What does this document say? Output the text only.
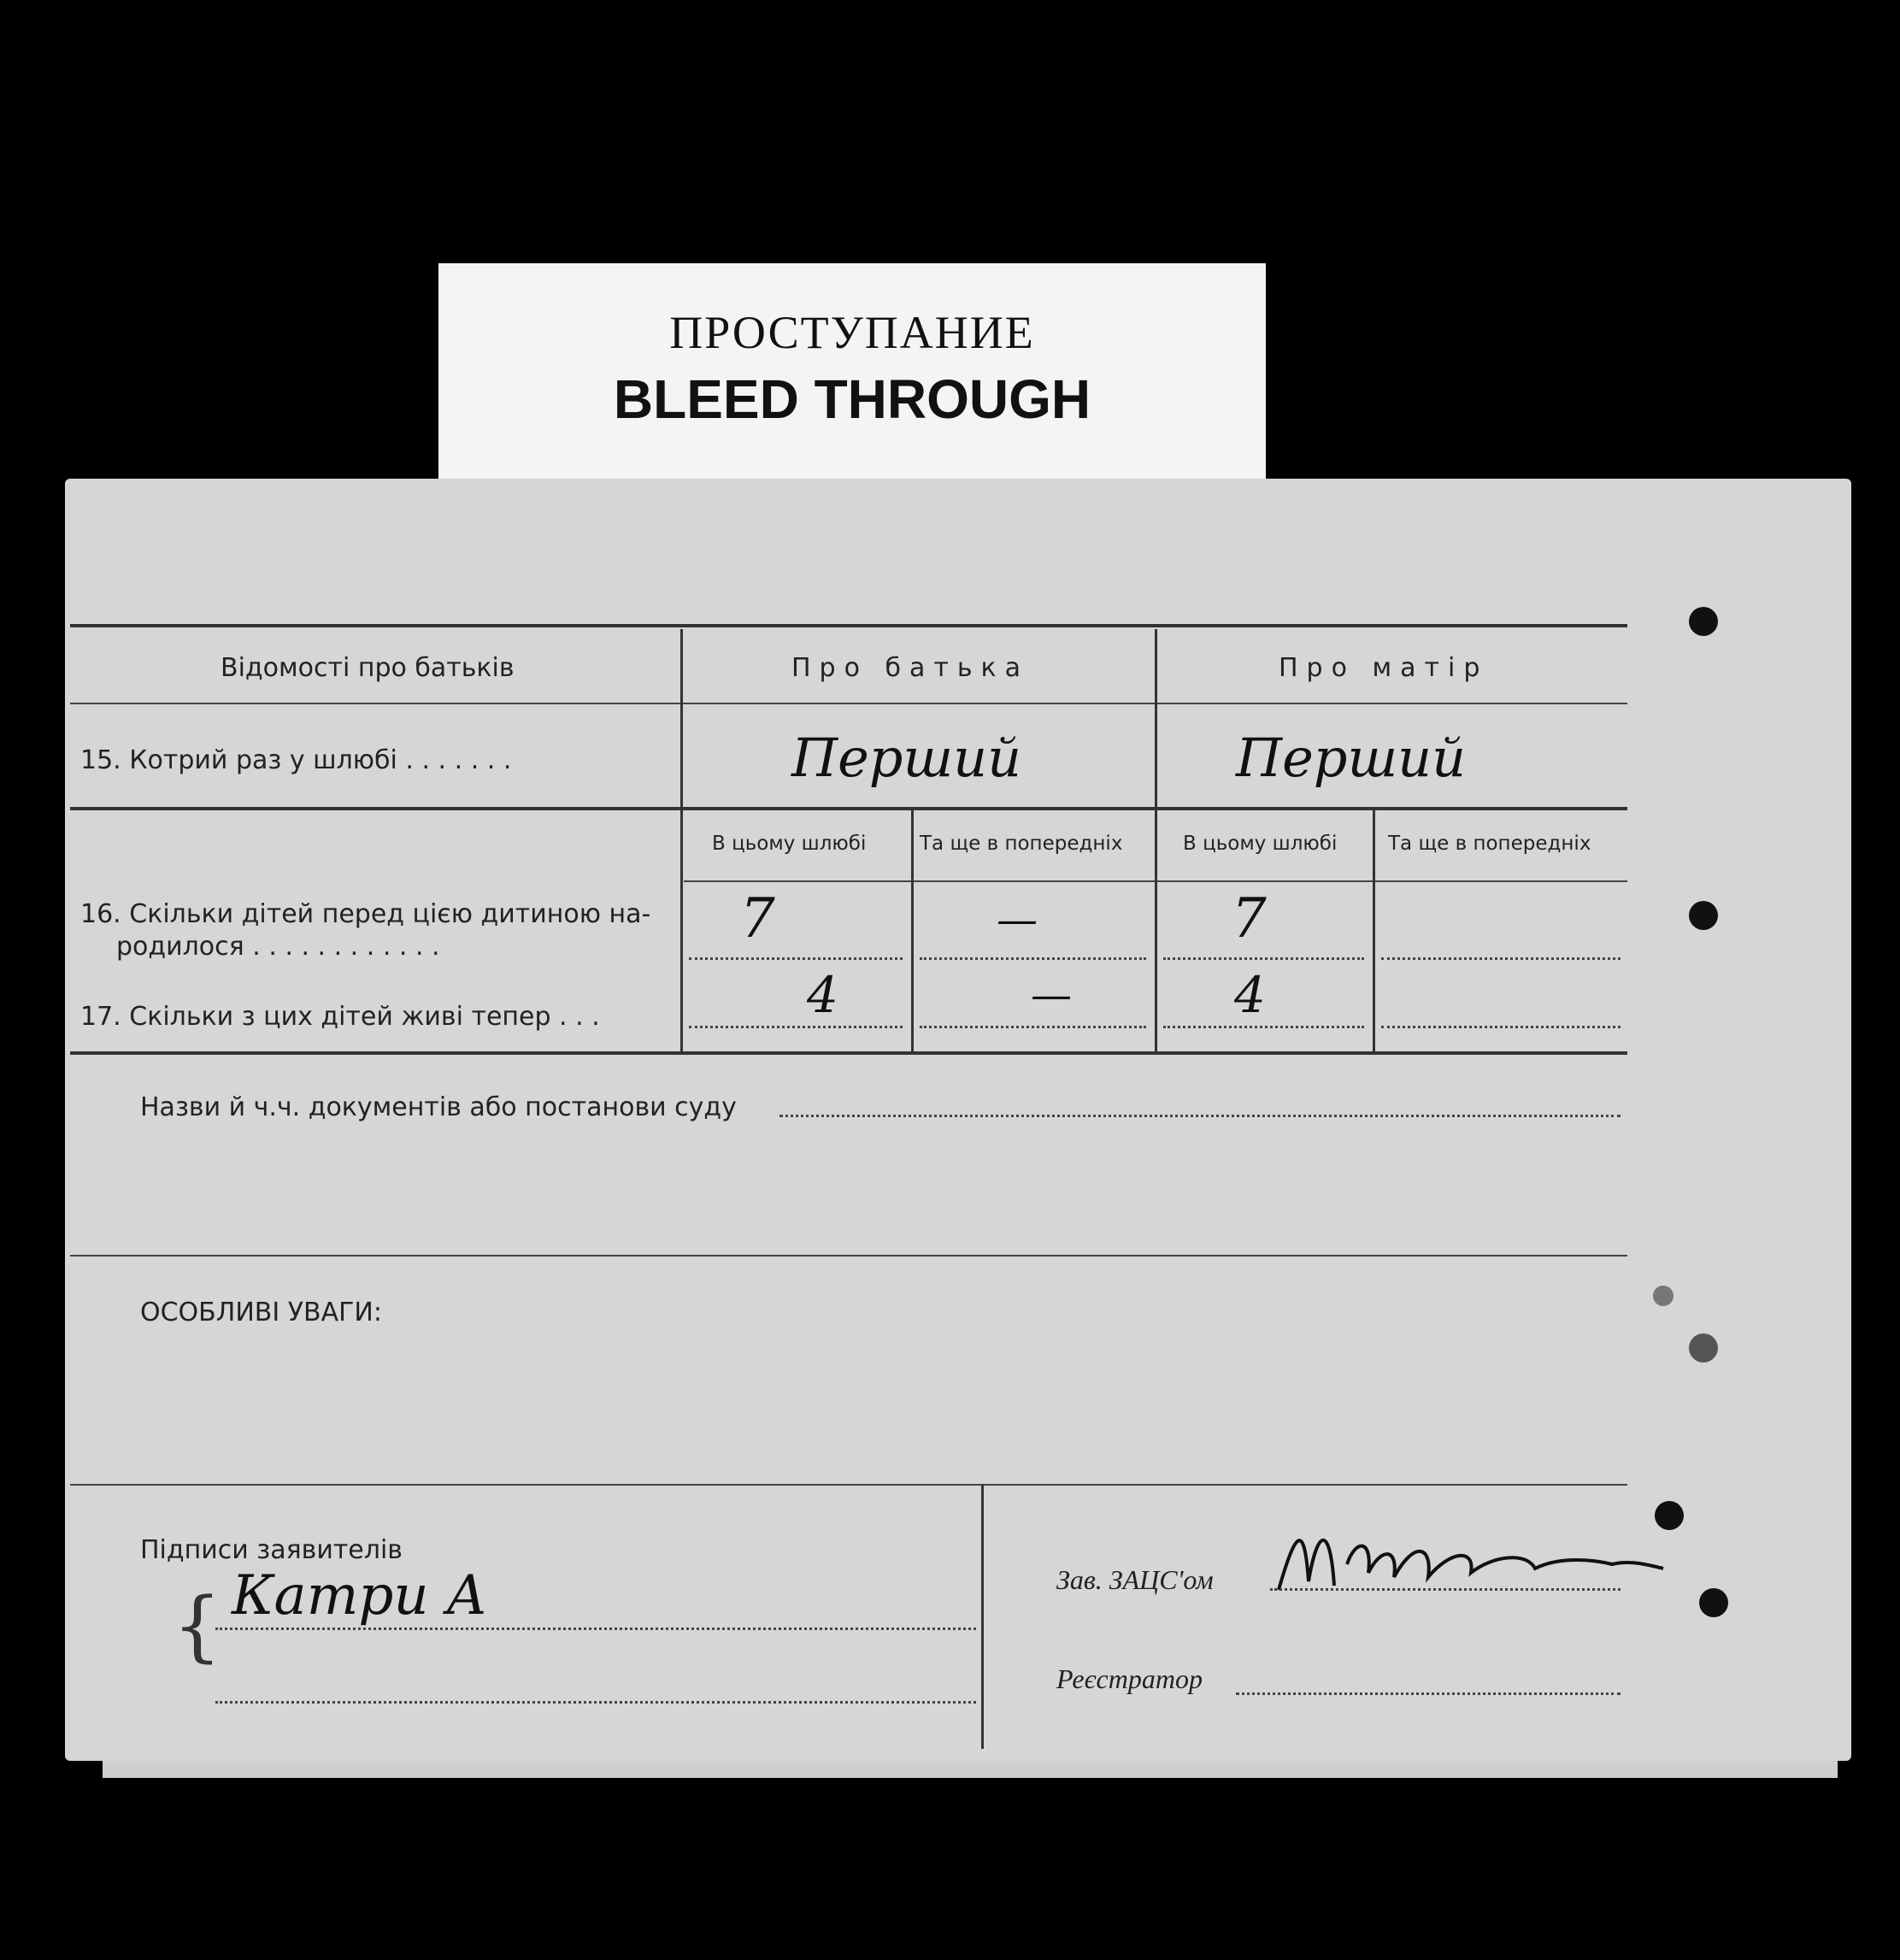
ПРОСТУПАНИЕ
BLEED THROUGH
Відомості про батьків	Про батька	Про матір
15. Котрий раз у шлюбі . . . . . . .	Перший	Перший
В цьому шлюбі	Та ще в попередніх	В цьому шлюбі	Та ще в попередніх
16. Скільки дітей перед цією дитиною на-
родилося . . . . . . . . . . . .	7	—	7
17. Скільки з цих дітей живі тепер . . .	4	—	4
Назви й ч.ч. документів або постанови суду
ОСОБЛИВІ УВАГИ:
Підписи заявителів
{ Катри А	Зав. ЗАЦС'ом
Реєстратор
